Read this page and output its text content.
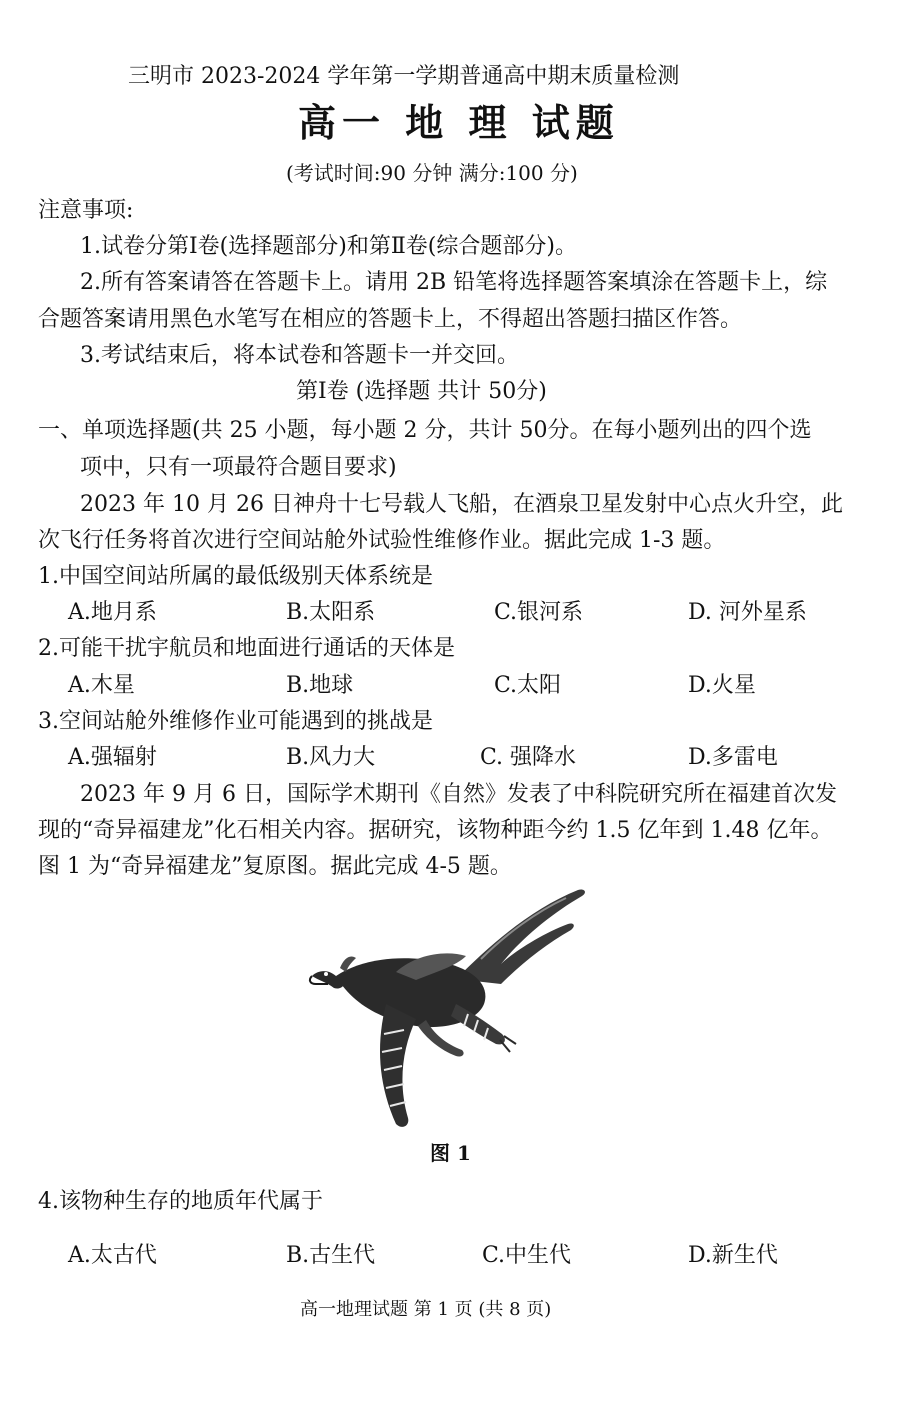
三明市 2023-2024 学年第一学期普通高中期末质量检测
高一 地 理 试题
(考试时间:90 分钟 满分:100 分)
注意事项:
1.试卷分第Ⅰ卷(选择题部分)和第Ⅱ卷(综合题部分)。
2.所有答案请答在答题卡上。请用 2B 铅笔将选择题答案填涂在答题卡上，综
合题答案请用黑色水笔写在相应的答题卡上，不得超出答题扫描区作答。
3.考试结束后，将本试卷和答题卡一并交回。
第Ⅰ卷 (选择题 共计 50分)
一、单项选择题(共 25 小题，每小题 2 分，共计 50分。在每小题列出的四个选
项中，只有一项最符合题目要求)
2023 年 10 月 26 日神舟十七号载人飞船，在酒泉卫星发射中心点火升空，此
次飞行任务将首次进行空间站舱外试验性维修作业。据此完成 1-3 题。
1.中国空间站所属的最低级别天体系统是
A.地月系	B.太阳系	C.银河系	D. 河外星系
2.可能干扰宇航员和地面进行通话的天体是
A.木星	B.地球	C.太阳	D.火星
3.空间站舱外维修作业可能遇到的挑战是
A.强辐射	B.风力大	C. 强降水	D.多雷电
2023 年 9 月 6 日，国际学术期刊《自然》发表了中科院研究所在福建首次发
现的“奇异福建龙”化石相关内容。据研究，该物种距今约 1.5 亿年到 1.48 亿年。
图 1 为“奇异福建龙”复原图。据此完成 4-5 题。
图 1
4.该物种生存的地质年代属于
A.太古代	B.古生代	C.中生代	D.新生代
高一地理试题 第 1 页 (共 8 页)
